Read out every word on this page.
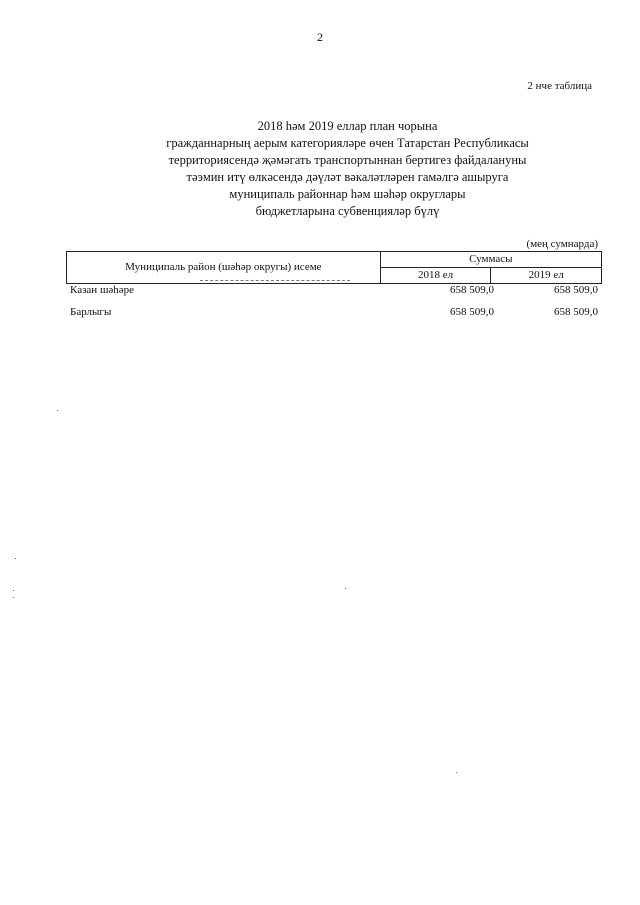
2
2 нче таблица
2018 һәм 2019 еллар план чорына
гражданнарның аерым категорияләре өчен Татарстан Республикасы
территориясендә җәмәгать транспортыннан бертигез файдалануны
тәэмин итү өлкәсендә дәүләт вәкаләтләрен гамәлгә ашыруга
муниципаль районнар һәм шәһәр округлары
бюджетларына субвенцияләр бүлү
(мең сумнарда)
Муниципаль район (шәһәр округы) исеме	Суммасы	
	2018 ел	2019 ел
Казан шәһәре	658 509,0	658 509,0
Барлыгы	658 509,0	658 509,0
